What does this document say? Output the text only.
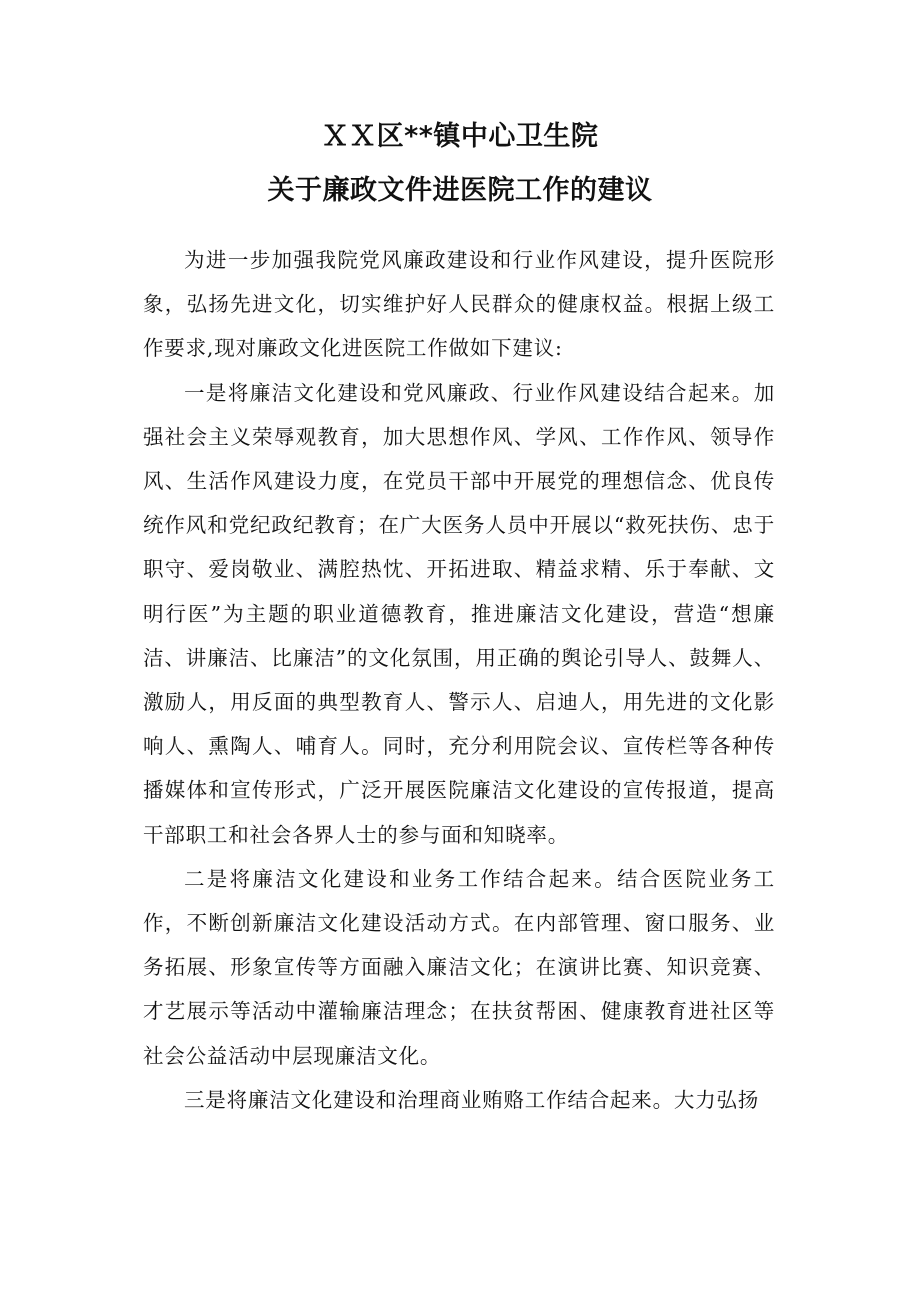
ＸＸ区**镇中心卫生院
关于廉政文件进医院工作的建议

为进一步加强我院党风廉政建设和行业作风建设，提升医院形象，弘扬先进文化，切实维护好人民群众的健康权益。根据上级工作要求,现对廉政文化进医院工作做如下建议:

一是将廉洁文化建设和党风廉政、行业作风建设结合起来。加强社会主义荣辱观教育，加大思想作风、学风、工作作风、领导作风、生活作风建设力度，在党员干部中开展党的理想信念、优良传统作风和党纪政纪教育；在广大医务人员中开展以“救死扶伤、忠于职守、爱岗敬业、满腔热忱、开拓进取、精益求精、乐于奉献、文明行医”为主题的职业道德教育，推进廉洁文化建设，营造“想廉洁、讲廉洁、比廉洁”的文化氛围，用正确的舆论引导人、鼓舞人、激励人，用反面的典型教育人、警示人、启迪人，用先进的文化影响人、熏陶人、哺育人。同时，充分利用院会议、宣传栏等各种传播媒体和宣传形式，广泛开展医院廉洁文化建设的宣传报道，提高干部职工和社会各界人士的参与面和知晓率。

二是将廉洁文化建设和业务工作结合起来。结合医院业务工作，不断创新廉洁文化建设活动方式。在内部管理、窗口服务、业务拓展、形象宣传等方面融入廉洁文化；在演讲比赛、知识竞赛、才艺展示等活动中灌输廉洁理念；在扶贫帮困、健康教育进社区等社会公益活动中层现廉洁文化。

三是将廉洁文化建设和治理商业贿赂工作结合起来。大力弘扬
